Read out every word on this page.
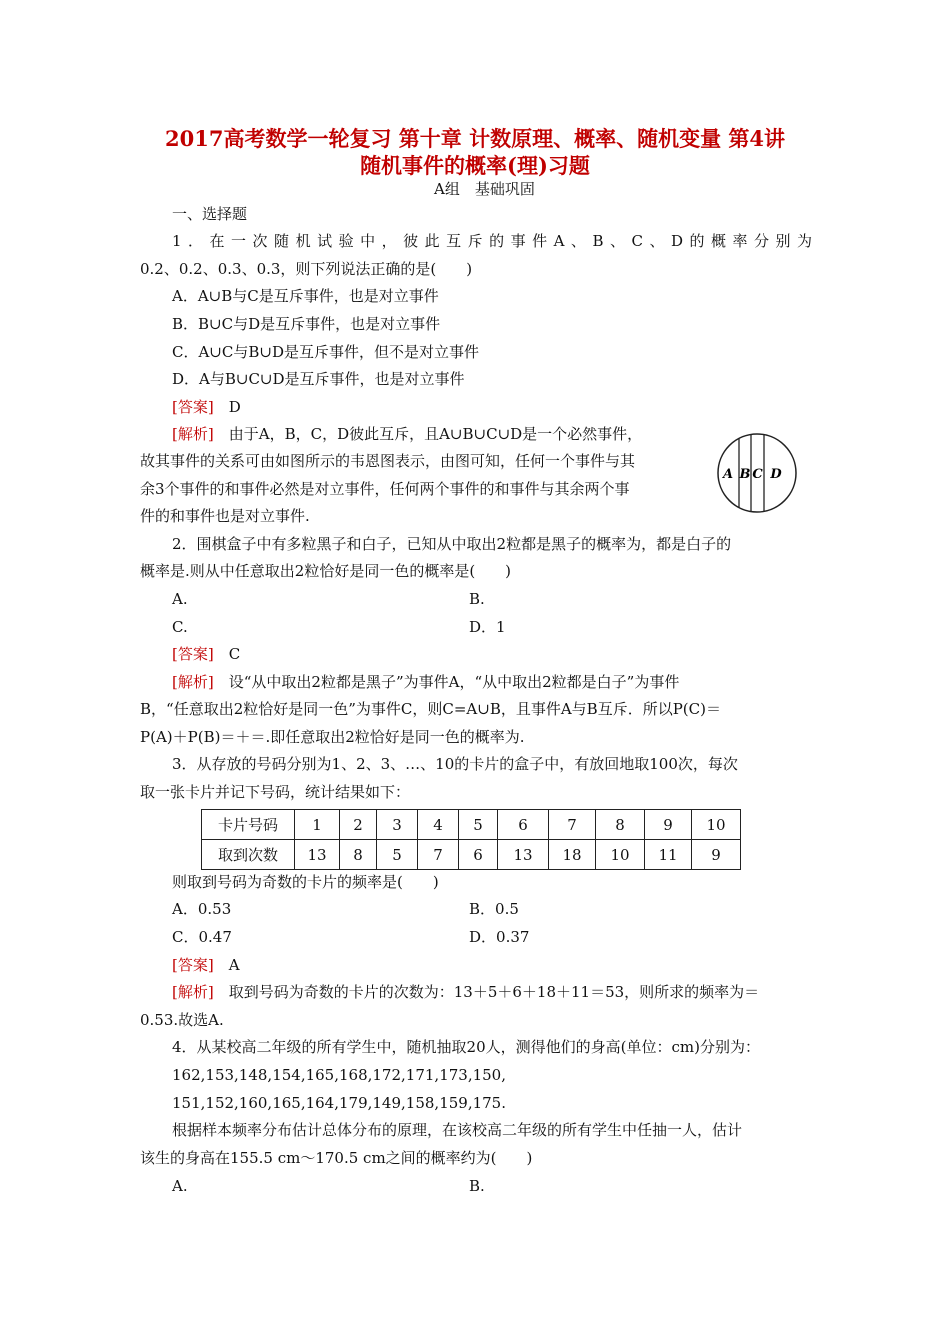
2017高考数学一轮复习 第十章 计数原理、概率、随机变量 第4讲
随机事件的概率(理)习题

A组　基础巩固

一、选择题

1．在一次随机试验中，彼此互斥的事件A、B、C、D的概率分别为

0.2、0.2、0.3、0.3，则下列说法正确的是(　　)

A．A∪B与C是互斥事件，也是对立事件

B．B∪C与D是互斥事件，也是对立事件

C．A∪C与B∪D是互斥事件，但不是对立事件

D．A与B∪C∪D是互斥事件，也是对立事件

[答案]　 D

[解析]　 由于A，B，C，D彼此互斥，且A∪B∪C∪D是一个必然事件，

故其事件的关系可由如图所示的韦恩图表示，由图可知，任何一个事件与其

余3个事件的和事件必然是对立事件，任何两个事件的和事件与其余两个事

件的和事件也是对立事件.

A B C D

2．围棋盒子中有多粒黑子和白子，已知从中取出2粒都是黑子的概率为，都是白子的

概率是.则从中任意取出2粒恰好是同一色的概率是(　　)

A.	B.

C.	D．1

[答案]　 C

[解析]　 设“从中取出2粒都是黑子”为事件A，“从中取出2粒都是白子”为事件

B，“任意取出2粒恰好是同一色”为事件C，则C=A∪B，且事件A与B互斥．所以P(C)＝

P(A)＋P(B)＝＋＝.即任意取出2粒恰好是同一色的概率为.

3．从存放的号码分别为1、2、3、…、10的卡片的盒子中，有放回地取100次，每次

取一张卡片并记下号码，统计结果如下：

卡片号码	1	2	3	4	5	6	7	8	9	10
取到次数	13	8	5	7	6	13	18	10	11	9

则取到号码为奇数的卡片的频率是(　　)

A．0.53	B．0.5

C．0.47	D．0.37

[答案]　 A

[解析]　 取到号码为奇数的卡片的次数为：13＋5＋6＋18＋11＝53，则所求的频率为＝

0.53.故选A.

4．从某校高二年级的所有学生中，随机抽取20人，测得他们的身高(单位：cm)分别为：

162,153,148,154,165,168,172,171,173,150,

151,152,160,165,164,179,149,158,159,175.

根据样本频率分布估计总体分布的原理，在该校高二年级的所有学生中任抽一人，估计

该生的身高在155.5 cm～170.5 cm之间的概率约为(　　)

A.	B.
